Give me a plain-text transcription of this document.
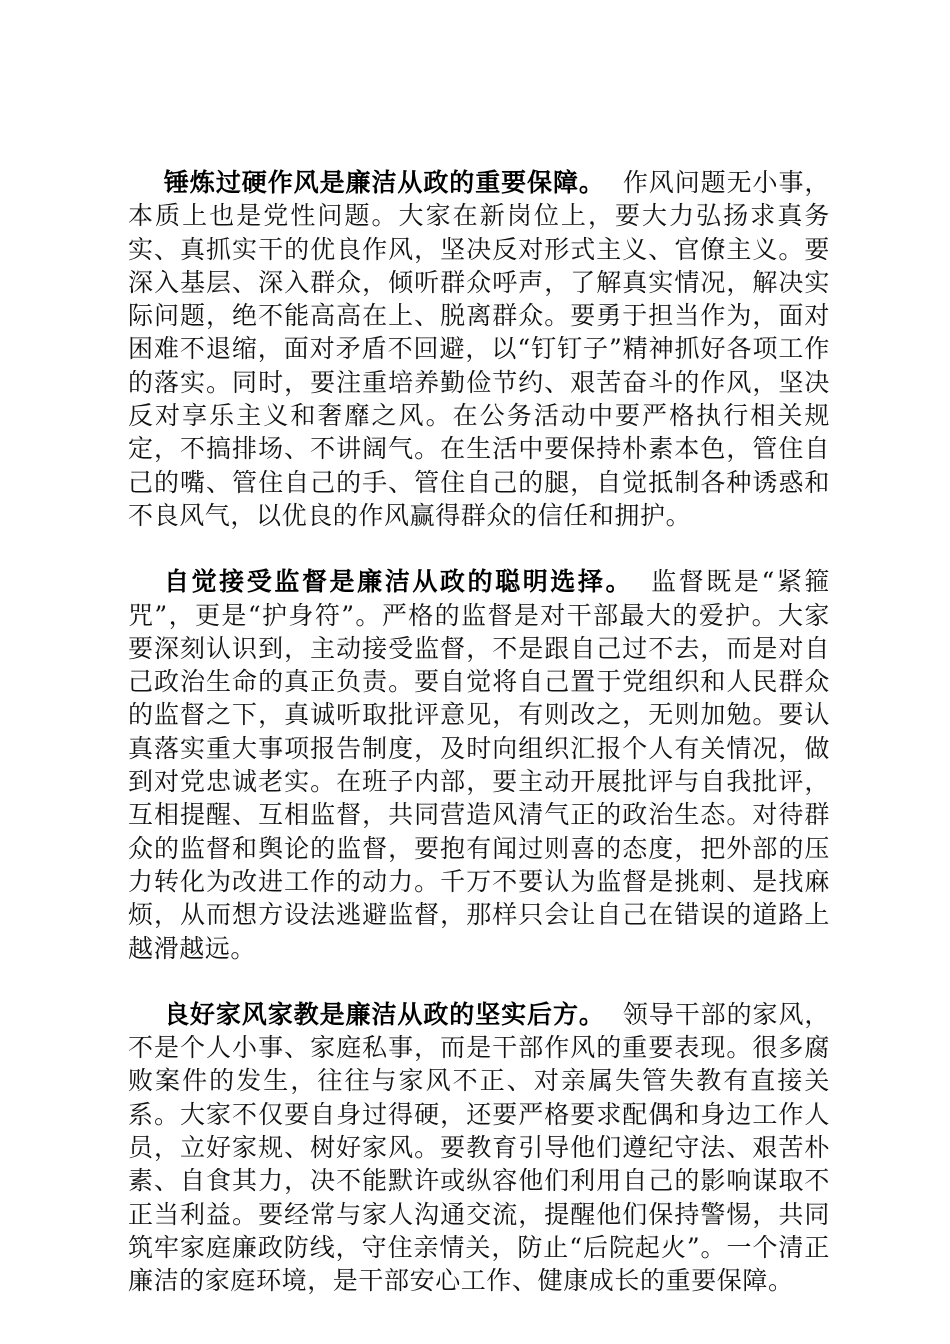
锤炼过硬作风是廉洁从政的重要保障。 作风问题无小事，本质上也是党性问题。大家在新岗位上，要大力弘扬求真务实、真抓实干的优良作风，坚决反对形式主义、官僚主义。要深入基层、深入群众，倾听群众呼声，了解真实情况，解决实际问题，绝不能高高在上、脱离群众。要勇于担当作为，面对困难不退缩，面对矛盾不回避，以“钉钉子”精神抓好各项工作的落实。同时，要注重培养勤俭节约、艰苦奋斗的作风，坚决反对享乐主义和奢靡之风。在公务活动中要严格执行相关规定，不搞排场、不讲阔气。在生活中要保持朴素本色，管住自己的嘴、管住自己的手、管住自己的腿，自觉抵制各种诱惑和不良风气，以优良的作风赢得群众的信任和拥护。

自觉接受监督是廉洁从政的聪明选择。 监督既是“紧箍咒”，更是“护身符”。严格的监督是对干部最大的爱护。大家要深刻认识到，主动接受监督，不是跟自己过不去，而是对自己政治生命的真正负责。要自觉将自己置于党组织和人民群众的监督之下，真诚听取批评意见，有则改之，无则加勉。要认真落实重大事项报告制度，及时向组织汇报个人有关情况，做到对党忠诚老实。在班子内部，要主动开展批评与自我批评，互相提醒、互相监督，共同营造风清气正的政治生态。对待群众的监督和舆论的监督，要抱有闻过则喜的态度，把外部的压力转化为改进工作的动力。千万不要认为监督是挑刺、是找麻烦，从而想方设法逃避监督，那样只会让自己在错误的道路上越滑越远。

良好家风家教是廉洁从政的坚实后方。 领导干部的家风，不是个人小事、家庭私事，而是干部作风的重要表现。很多腐败案件的发生，往往与家风不正、对亲属失管失教有直接关系。大家不仅要自身过得硬，还要严格要求配偶和身边工作人员，立好家规、树好家风。要教育引导他们遵纪守法、艰苦朴素、自食其力，决不能默许或纵容他们利用自己的影响谋取不正当利益。要经常与家人沟通交流，提醒他们保持警惕，共同筑牢家庭廉政防线，守住亲情关，防止“后院起火”。一个清正廉洁的家庭环境，是干部安心工作、健康成长的重要保障。
